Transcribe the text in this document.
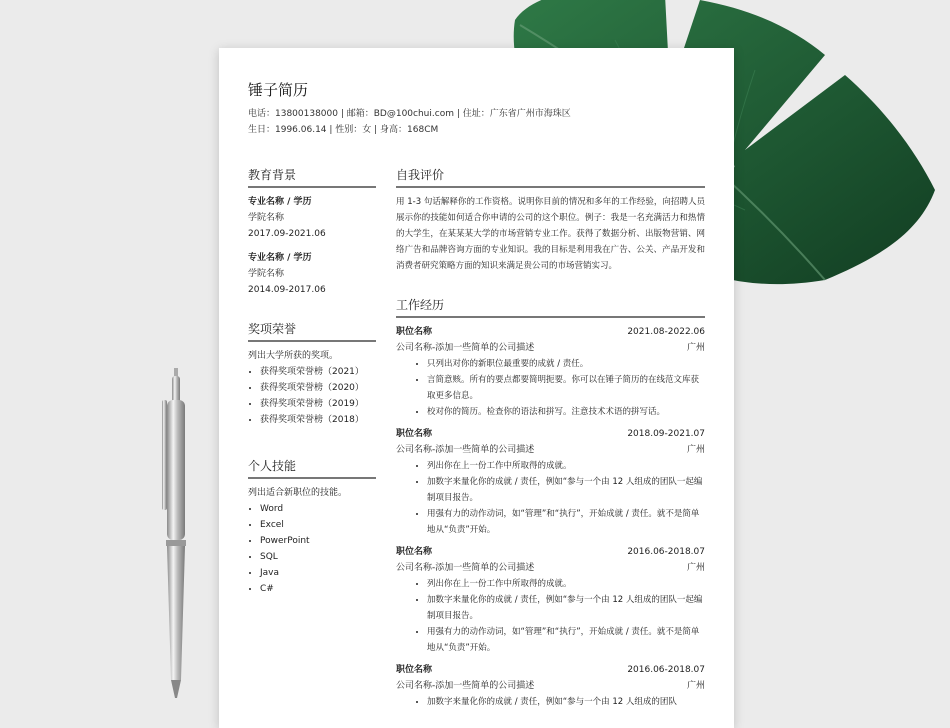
锤子简历
电话：13800138000 | 邮箱：BD@100chui.com | 住址：广东省广州市海珠区
生日：1996.06.14 | 性别：女 | 身高：168CM
教育背景
专业名称 / 学历
学院名称
2017.09-2021.06
专业名称 / 学历
学院名称
2014.09-2017.06
奖项荣誉
列出大学所获的奖项。
• 获得奖项荣誉榜（2021）
• 获得奖项荣誉榜（2020）
• 获得奖项荣誉榜（2019）
• 获得奖项荣誉榜（2018）
个人技能
列出适合新职位的技能。
• Word
• Excel
• PowerPoint
• SQL
• Java
• C#
自我评价
用 1-3 句话解释你的工作资格。说明你目前的情况和多年的工作经验，向招聘人员展示你的技能如何适合你申请的公司的这个职位。例子：我是一名充满活力和热情的大学生，在某某某大学的市场营销专业工作。获得了数据分析、出版物营销、网络广告和品牌咨询方面的专业知识。我的目标是利用我在广告、公关、产品开发和消费者研究策略方面的知识来满足贵公司的市场营销实习。
工作经历
职位名称	2021.08-2022.06
公司名称-添加一些简单的公司描述	广州
• 只列出对你的新职位最重要的成就 / 责任。
• 言简意赅。所有的要点都要简明扼要。你可以在锤子简历的在线范文库获取更多信息。
• 校对你的简历。检查你的语法和拼写。注意技术术语的拼写话。
职位名称	2018.09-2021.07
公司名称-添加一些简单的公司描述	广州
• 列出你在上一份工作中所取得的成就。
• 加数字来量化你的成就 / 责任，例如“参与一个由 12 人组成的团队一起编制项目报告。
• 用强有力的动作动词，如“管理”和“执行”，开始成就 / 责任。就不是简单地从“负责”开始。
职位名称	2016.06-2018.07
公司名称-添加一些简单的公司描述	广州
• 列出你在上一份工作中所取得的成就。
• 加数字来量化你的成就 / 责任，例如“参与一个由 12 人组成的团队一起编制项目报告。
• 用强有力的动作动词，如“管理”和“执行”，开始成就 / 责任。就不是简单地从“负责”开始。
职位名称	2016.06-2018.07
公司名称-添加一些简单的公司描述	广州
• 加数字来量化你的成就 / 责任，例如“参与一个由 12 人组成的团队
